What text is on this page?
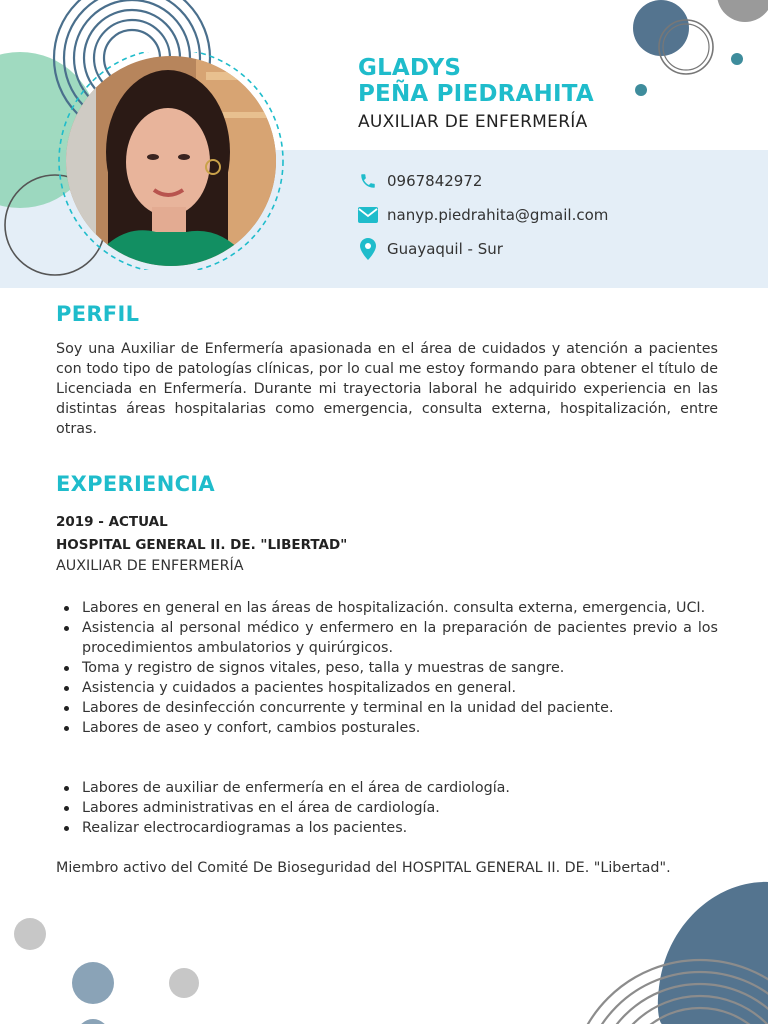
GLADYS
PEÑA PIEDRAHITA
AUXILIAR DE ENFERMERÍA
0967842972
nanyp.piedrahita@gmail.com
Guayaquil - Sur
PERFIL
Soy una Auxiliar de Enfermería apasionada en el área de cuidados y atención a pacientes con todo tipo de patologías clínicas, por lo cual me estoy formando para obtener el título de Licenciada en Enfermería. Durante mi trayectoria laboral he adquirido experiencia en las distintas áreas hospitalarias como emergencia, consulta externa, hospitalización, entre otras.
EXPERIENCIA
2019 - ACTUAL
HOSPITAL GENERAL II. DE. "LIBERTAD"
AUXILIAR DE ENFERMERÍA
Labores en general en las áreas de hospitalización. consulta externa, emergencia, UCI.
Asistencia al personal médico y enfermero en la preparación de pacientes previo a los procedimientos ambulatorios y quirúrgicos.
Toma y registro de signos vitales, peso, talla y muestras de sangre.
Asistencia y cuidados a pacientes hospitalizados en general.
Labores de desinfección concurrente y terminal en la unidad del paciente.
Labores de aseo y confort, cambios posturales.
Labores de auxiliar de enfermería en el área de cardiología.
Labores administrativas en el área de cardiología.
Realizar electrocardiogramas a los pacientes.
Miembro activo del Comité De Bioseguridad del HOSPITAL GENERAL II. DE. "Libertad".
